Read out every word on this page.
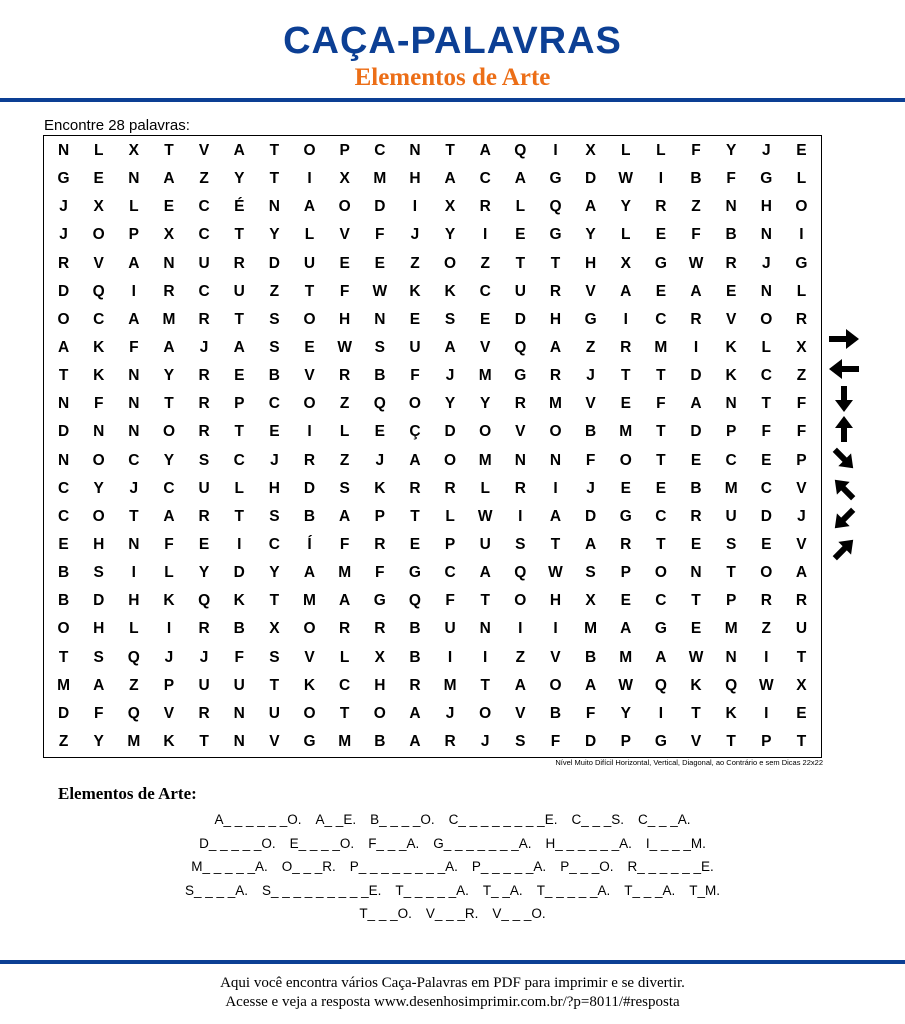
CAÇA-PALAVRAS
Elementos de Arte
Encontre 28 palavras:
N	L	X	T	V	A	T	O	P	C	N	T	A	Q	I	X	L	L	F	Y	J	E
G	E	N	A	Z	Y	T	I	X	M	H	A	C	A	G	D	W	I	B	F	G	L
J	X	L	E	C	É	N	A	O	D	I	X	R	L	Q	A	Y	R	Z	N	H	O
J	O	P	X	C	T	Y	L	V	F	J	Y	I	E	G	Y	L	E	F	B	N	I
R	V	A	N	U	R	D	U	E	E	Z	O	Z	T	T	H	X	G	W	R	J	G
D	Q	I	R	C	U	Z	T	F	W	K	K	C	U	R	V	A	E	A	E	N	L
O	C	A	M	R	T	S	O	H	N	E	S	E	D	H	G	I	C	R	V	O	R
A	K	F	A	J	A	S	E	W	S	U	A	V	Q	A	Z	R	M	I	K	L	X
T	K	N	Y	R	E	B	V	R	B	F	J	M	G	R	J	T	T	D	K	C	Z
N	F	N	T	R	P	C	O	Z	Q	O	Y	Y	R	M	V	E	F	A	N	T	F
D	N	N	O	R	T	E	I	L	E	Ç	D	O	V	O	B	M	T	D	P	F	F
N	O	C	Y	S	C	J	R	Z	J	A	O	M	N	N	F	O	T	E	C	E	P
C	Y	J	C	U	L	H	D	S	K	R	R	L	R	I	J	E	E	B	M	C	V
C	O	T	A	R	T	S	B	A	P	T	L	W	I	A	D	G	C	R	U	D	J
E	H	N	F	E	I	C	Í	F	R	E	P	U	S	T	A	R	T	E	S	E	V
B	S	I	L	Y	D	Y	A	M	F	G	C	A	Q	W	S	P	O	N	T	O	A
B	D	H	K	Q	K	T	M	A	G	Q	F	T	O	H	X	E	C	T	P	R	R
O	H	L	I	R	B	X	O	R	R	B	U	N	I	I	M	A	G	E	M	Z	U
T	S	Q	J	J	F	S	V	L	X	B	I	I	Z	V	B	M	A	W	N	I	T
M	A	Z	P	U	U	T	K	C	H	R	M	T	A	O	A	W	Q	K	Q	W	X
D	F	Q	V	R	N	U	O	T	O	A	J	O	V	B	F	Y	I	T	K	I	E
Z	Y	M	K	T	N	V	G	M	B	A	R	J	S	F	D	P	G	V	T	P	T
Nível Muito Difícil Horizontal, Vertical, Diagonal, ao Contrário e sem Dicas 22x22
Elementos de Arte:
A_ _ _ _ _ _O. A_ _E. B_ _ _ _O. C_ _ _ _ _ _ _ _E. C_ _ _S. C_ _ _A.
D_ _ _ _ _O. E_ _ _ _O. F_ _ _A. G_ _ _ _ _ _ _A. H_ _ _ _ _ _A. I_ _ _ _M.
M_ _ _ _ _A. O_ _ _R. P_ _ _ _ _ _ _ _A. P_ _ _ _ _A. P_ _ _O. R_ _ _ _ _ _E.
S_ _ _ _A. S_ _ _ _ _ _ _ _ _E. T_ _ _ _ _A. T_ _A. T_ _ _ _ _A. T_ _ _A. T_M.
T_ _ _O. V_ _ _R. V_ _ _O.
Aqui você encontra vários Caça-Palavras em PDF para imprimir e se divertir.
Acesse e veja a resposta www.desenhosimprimir.com.br/?p=8011/#resposta
